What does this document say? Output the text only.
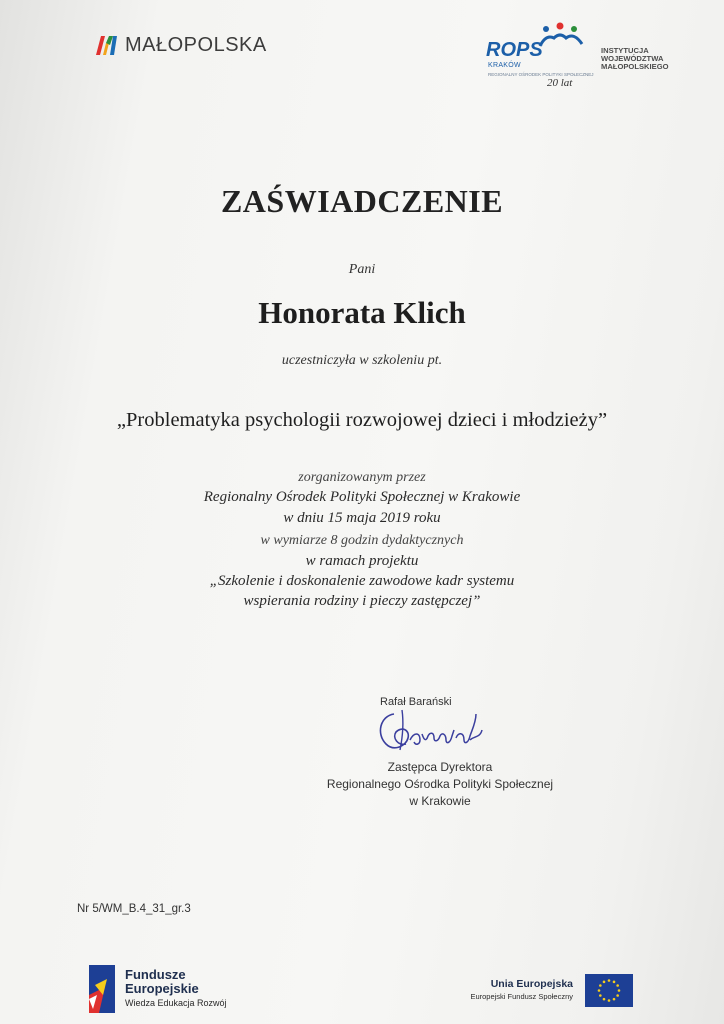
MAŁOPOLSKA	ROPS
KRAKÓW
REGIONALNY OŚRODEK POLITYKI SPOŁECZNEJ
INSTYTUCJA
WOJEWÓDZTWA
MAŁOPOLSKIEGO
20 lat
ZAŚWIADCZENIE
Pani
Honorata Klich
uczestniczyła w szkoleniu pt.
„Problematyka psychologii rozwojowej dzieci i młodzieży”
zorganizowanym przez
Regionalny Ośrodek Polityki Społecznej w Krakowie
w dniu 15 maja 2019 roku
w wymiarze 8 godzin dydaktycznych
w ramach projektu
„Szkolenie i doskonalenie zawodowe kadr systemu
wspierania rodziny i pieczy zastępczej”
Rafał Barański
Zastępca Dyrektora
Regionalnego Ośrodka Polityki Społecznej
w Krakowie
Nr 5/WM_B.4_31_gr.3
Fundusze
Europejskie
Wiedza Edukacja Rozwój
Unia Europejska
Europejski Fundusz Społeczny
